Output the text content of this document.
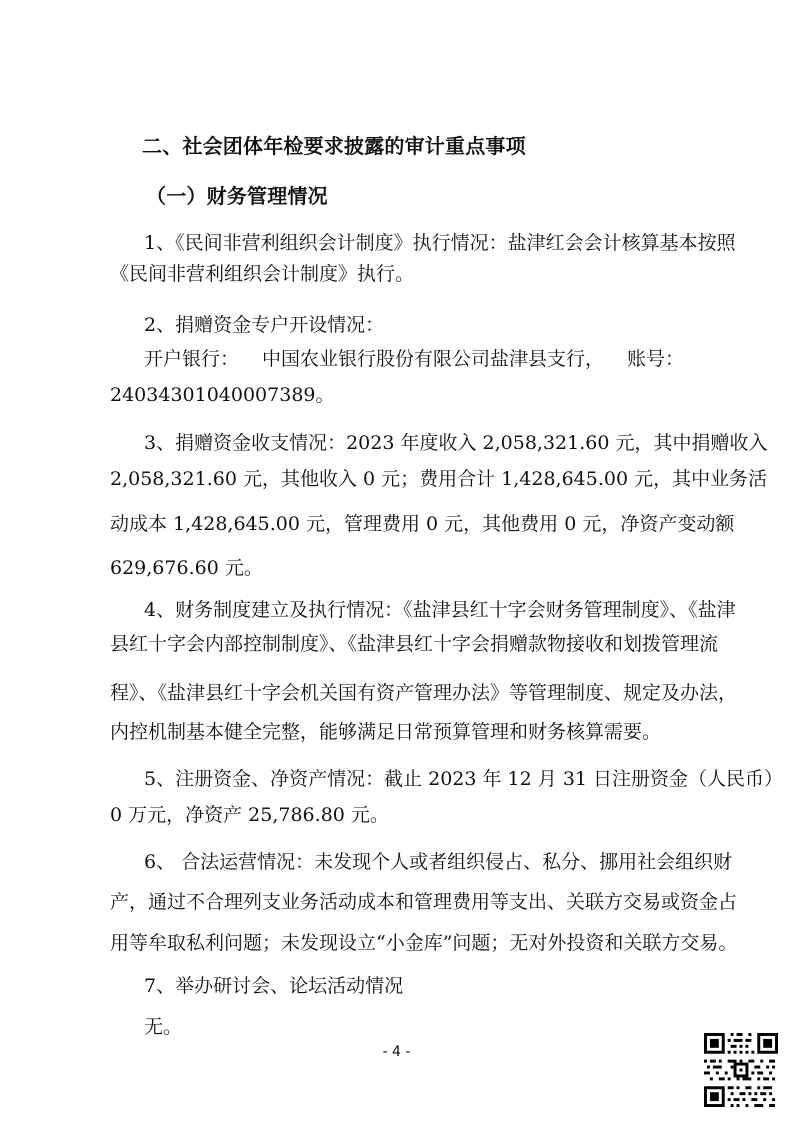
二、社会团体年检要求披露的审计重点事项
（一）财务管理情况
1、《民间非营利组织会计制度》执行情况：盐津红会会计核算基本按照
《民间非营利组织会计制度》执行。
2、捐赠资金专户开设情况：
开户银行： 中国农业银行股份有限公司盐津县支行， 账号：
24034301040007389。
3、捐赠资金收支情况：2023 年度收入 2,058,321.60 元，其中捐赠收入
2,058,321.60 元，其他收入 0 元；费用合计 1,428,645.00 元，其中业务活
动成本 1,428,645.00 元，管理费用 0 元，其他费用 0 元，净资产变动额
629,676.60 元。
4、财务制度建立及执行情况：《盐津县红十字会财务管理制度》、《盐津
县红十字会内部控制制度》、《盐津县红十字会捐赠款物接收和划拨管理流
程》、《盐津县红十字会机关国有资产管理办法》等管理制度、规定及办法，
内控机制基本健全完整，能够满足日常预算管理和财务核算需要。
5、注册资金、净资产情况：截止 2023 年 12 月 31 日注册资金（人民币）
0 万元，净资产 25,786.80 元。
6、 合法运营情况：未发现个人或者组织侵占、私分、挪用社会组织财
产，通过不合理列支业务活动成本和管理费用等支出、关联方交易或资金占
用等牟取私利问题；未发现设立“小金库”问题；无对外投资和关联方交易。
7、举办研讨会、论坛活动情况
无。
- 4 -
